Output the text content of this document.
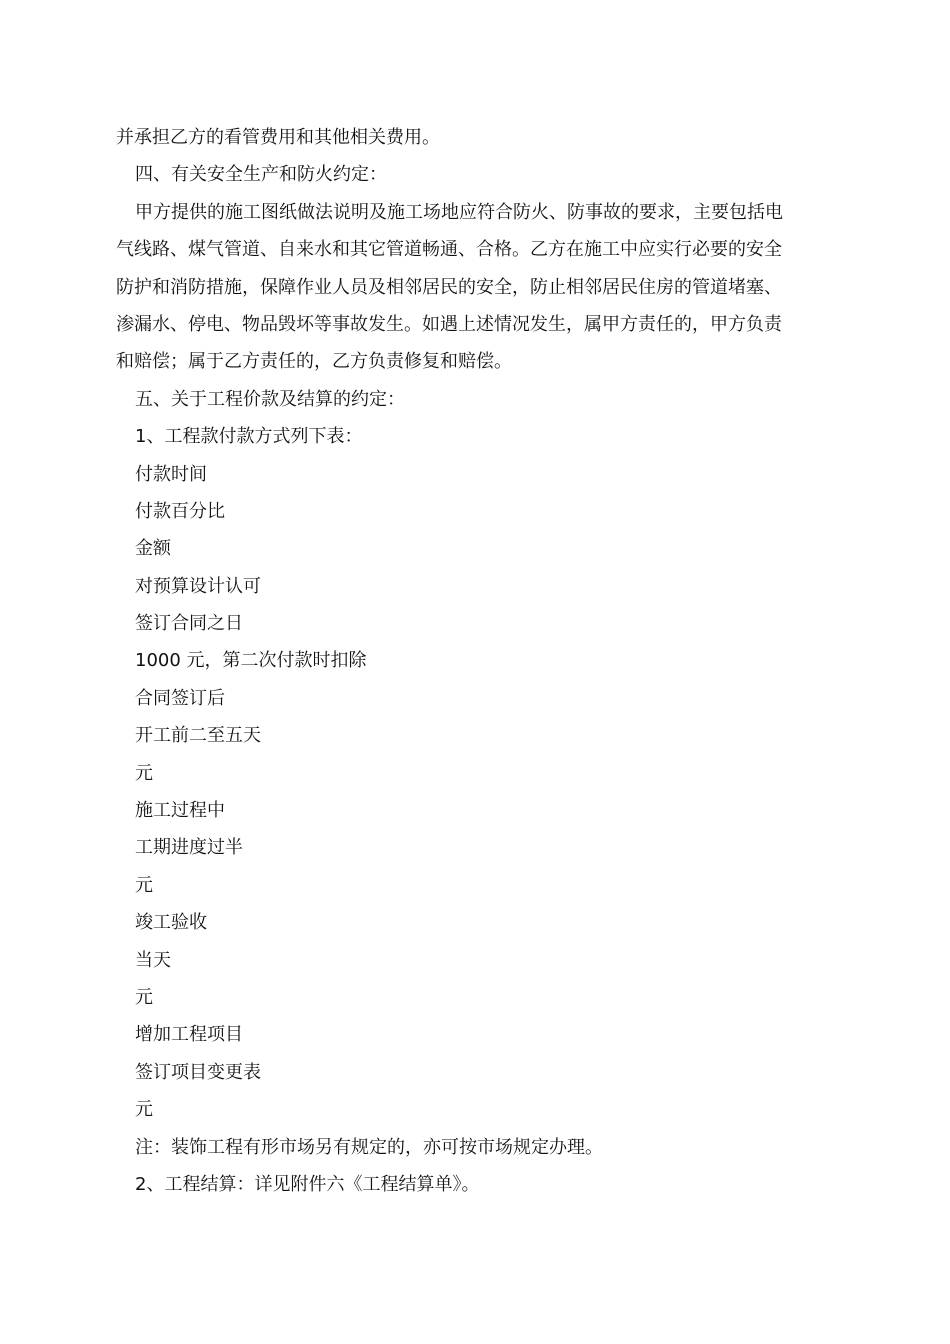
并承担乙方的看管费用和其他相关费用。
四、有关安全生产和防火约定：
甲方提供的施工图纸做法说明及施工场地应符合防火、防事故的要求，主要包括电
气线路、煤气管道、自来水和其它管道畅通、合格。乙方在施工中应实行必要的安全
防护和消防措施，保障作业人员及相邻居民的安全，防止相邻居民住房的管道堵塞、
渗漏水、停电、物品毁坏等事故发生。如遇上述情况发生，属甲方责任的，甲方负责
和赔偿；属于乙方责任的，乙方负责修复和赔偿。
五、关于工程价款及结算的约定：
1、工程款付款方式列下表：
付款时间
付款百分比
金额
对预算设计认可
签订合同之日
1000 元，第二次付款时扣除
合同签订后
开工前二至五天
元
施工过程中
工期进度过半
元
竣工验收
当天
元
增加工程项目
签订项目变更表
元
注：装饰工程有形市场另有规定的，亦可按市场规定办理。
2、工程结算：详见附件六《工程结算单》。
